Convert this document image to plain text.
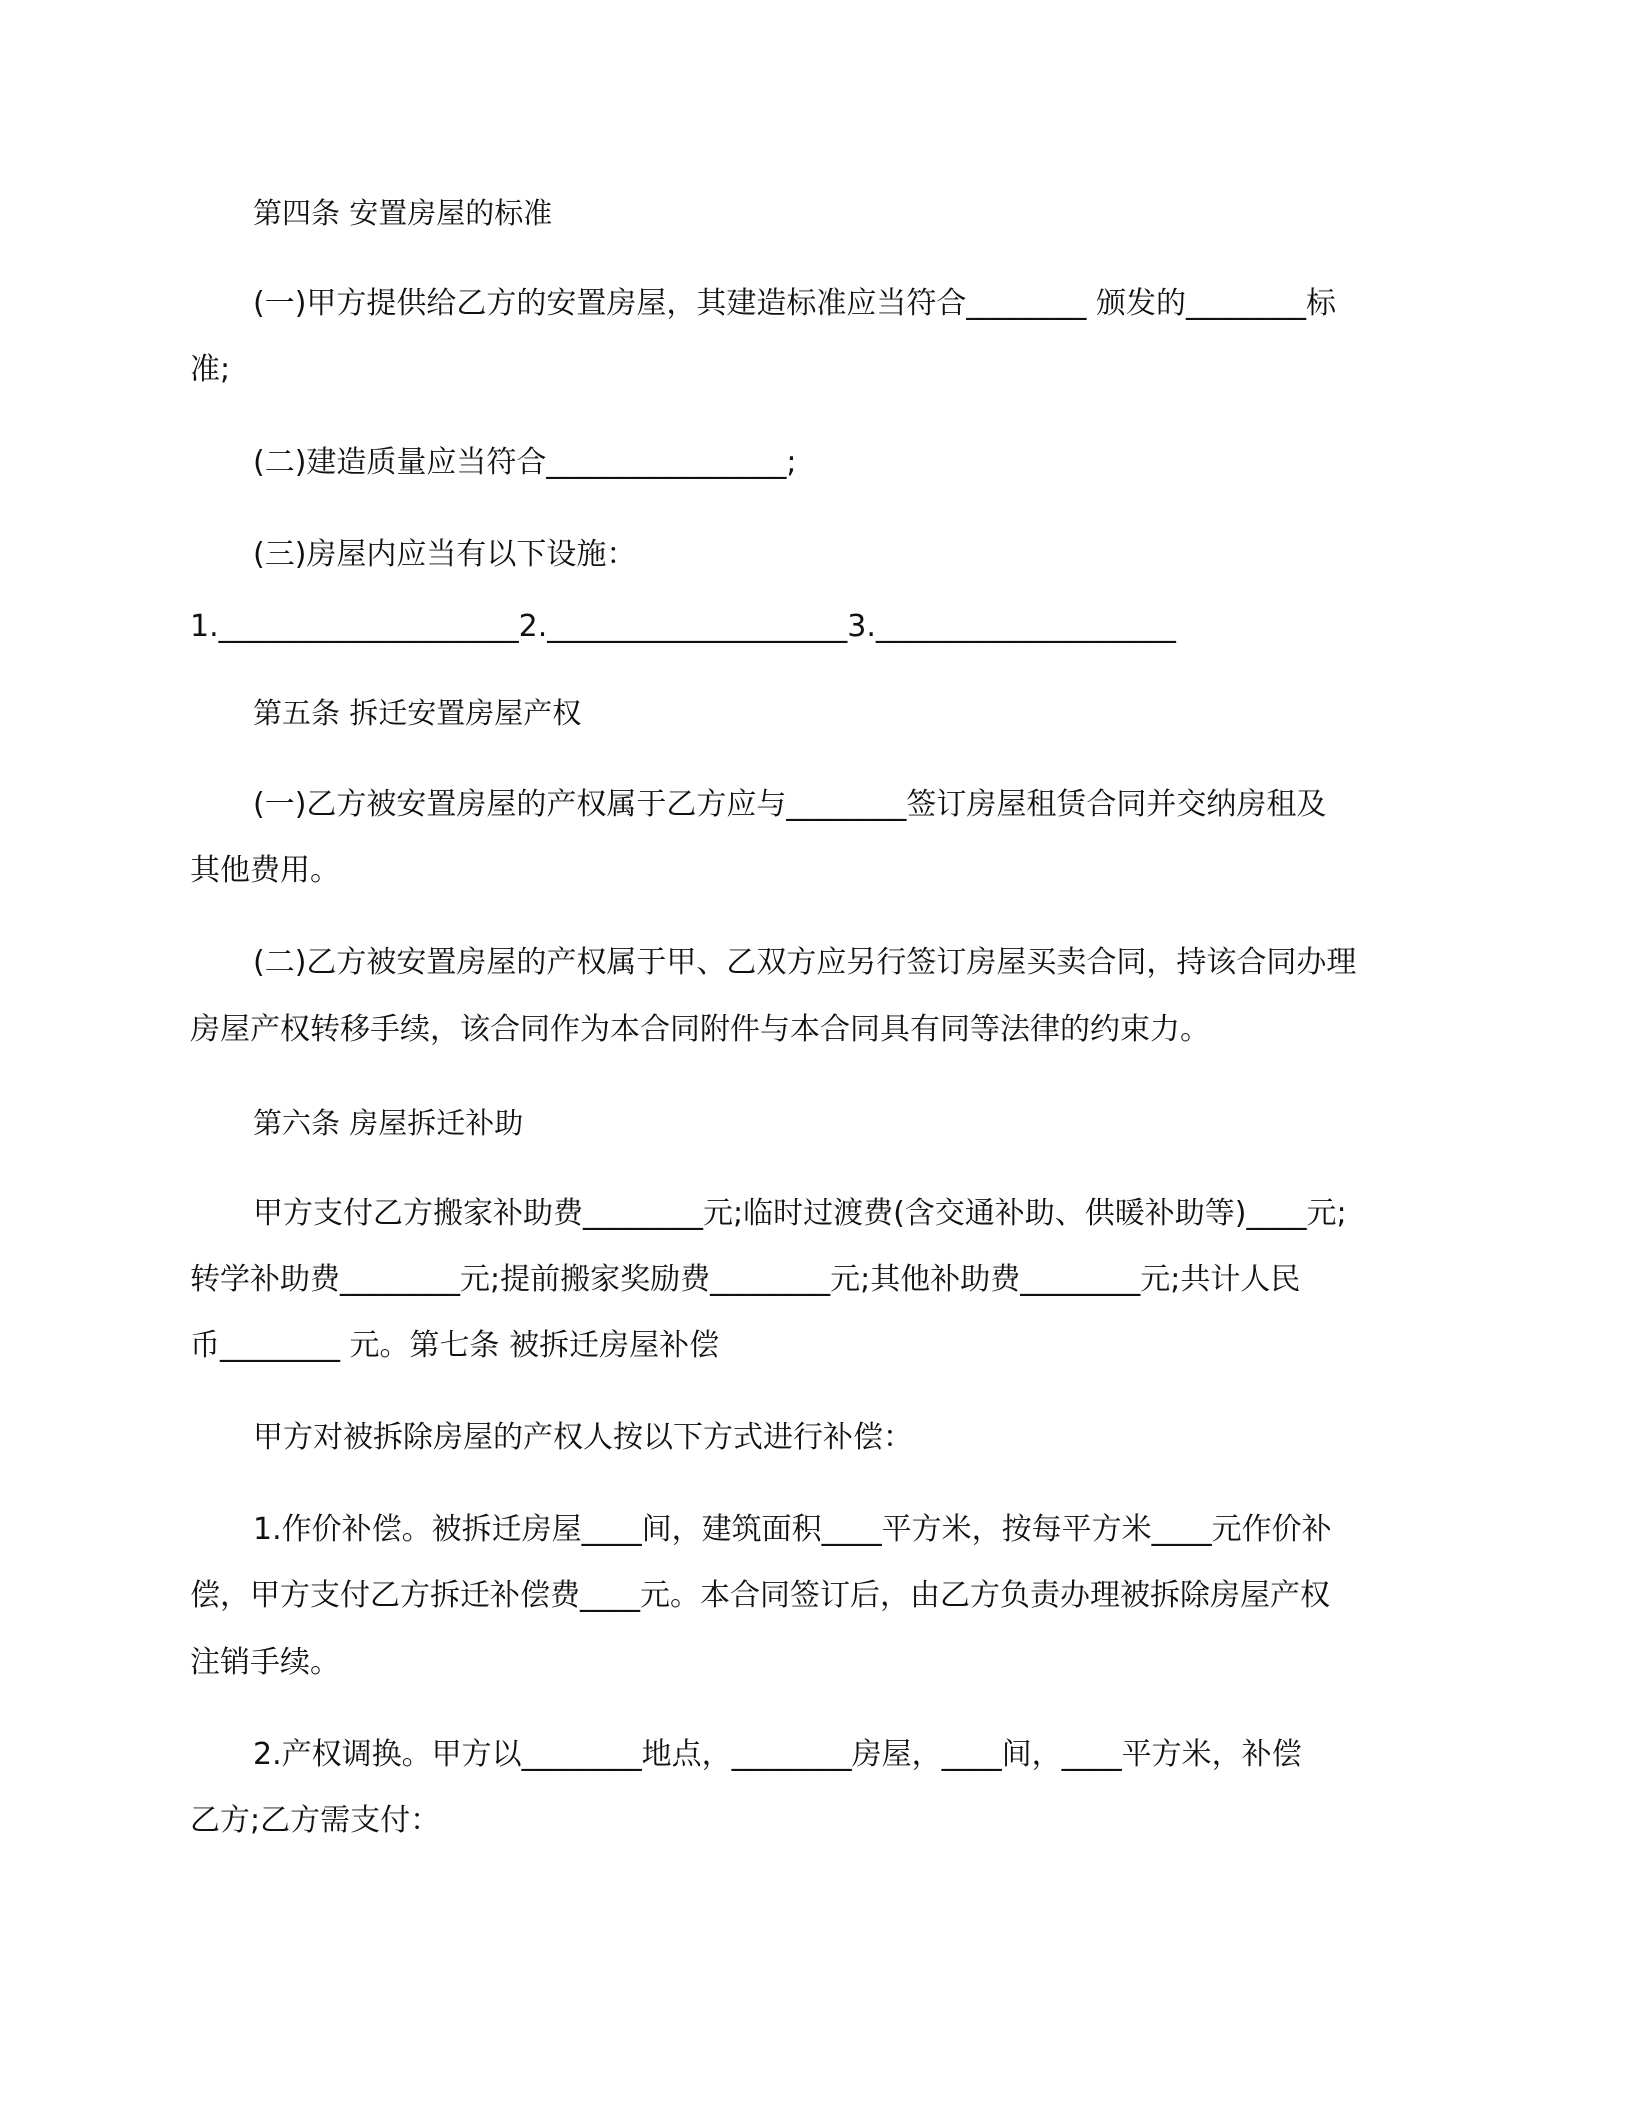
第四条 安置房屋的标准
(一)甲方提供给乙方的安置房屋，其建造标准应当符合________ 颁发的________标
准;
(二)建造质量应当符合________________;
(三)房屋内应当有以下设施：
1.____________________2.____________________3.____________________
第五条 拆迁安置房屋产权
(一)乙方被安置房屋的产权属于乙方应与________签订房屋租赁合同并交纳房租及
其他费用。
(二)乙方被安置房屋的产权属于甲、乙双方应另行签订房屋买卖合同，持该合同办理
房屋产权转移手续，该合同作为本合同附件与本合同具有同等法律的约束力。
第六条 房屋拆迁补助
甲方支付乙方搬家补助费________元;临时过渡费(含交通补助、供暖补助等)____元;
转学补助费________元;提前搬家奖励费________元;其他补助费________元;共计人民
币________ 元。第七条 被拆迁房屋补偿
甲方对被拆除房屋的产权人按以下方式进行补偿：
1.作价补偿。被拆迁房屋____间，建筑面积____平方米，按每平方米____元作价补
偿，甲方支付乙方拆迁补偿费____元。本合同签订后，由乙方负责办理被拆除房屋产权
注销手续。
2.产权调换。甲方以________地点，________房屋，____间，____平方米，补偿
乙方;乙方需支付：
